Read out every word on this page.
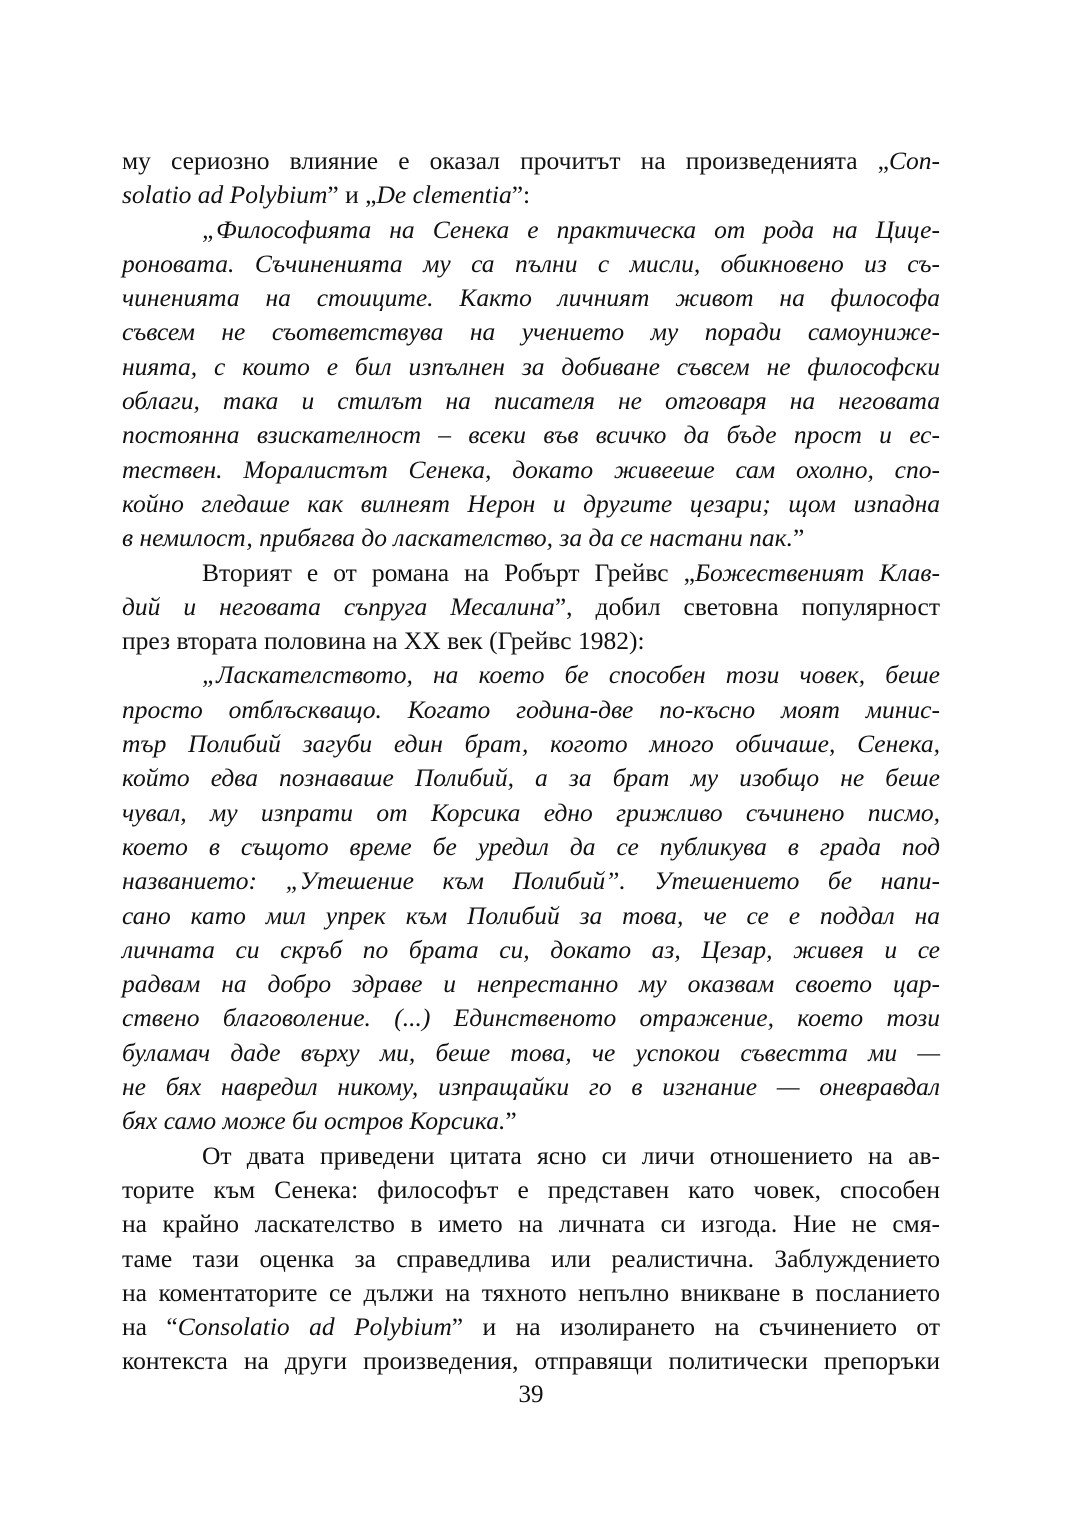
му сериозно влияние е оказал прочитът на произведенията „Con-
solatio ad Polybium” и „De clementia”:
„Философията на Сенека е практическа от рода на Цице-
роновата. Съчиненията му са пълни с мисли, обикновено из съ-
чиненията на стоиците. Както личният живот на философа
съвсем не съответствува на учението му поради самоунижe-
нията, с които е бил изпълнен за добиване съвсем не философски
облаги, така и стилът на писателя не отговаря на неговата
постоянна взискателност – всеки във всичко да бъде прост и ес-
тествен. Моралистът Сенека, докато живееше сам охолно, спо-
койно гледаше как вилнеят Нерон и другите цезари; щом изпадна
в немилост, прибягва до ласкателство, за да се настани пак.”
Вторият е от романа на Робърт Грейвс „Божественият Клав-
дий и неговата съпруга Месалина”, добил световна популярност
през втората половина на XX век (Грейвс 1982):
„Ласкателството, на което бе способен този човек, беше
просто отблъскващо. Когато година-две по-късно моят минис-
тър Полибий загуби един брат, когото много обичаше, Сенека,
който едва познаваше Полибий, а за брат му изобщо не беше
чувал, му изпрати от Корсика едно грижливо съчинено писмо,
което в същото време бе уредил да се публикува в града под
названието: „Утешение към Полибий”. Утешението бе напи-
сано като мил упрек към Полибий за това, че се е поддал на
личната си скръб по брата си, докато аз, Цезар, живея и се
радвам на добро здраве и непрестанно му оказвам своето цар-
ствено благоволение. (...) Единственото отражение, което този
буламач даде върху ми, беше това, че успокои съвестта ми —
не бях навредил никому, изпращайки го в изгнание — оневравдал
бях само може би остров Корсика.”
От двата приведени цитата ясно си личи отношението на ав-
торите към Сенека: философът е представен като човек, способен
на крайно ласкателство в името на личната си изгода. Ние не смя-
таме тази оценка за справедлива или реалистична. Заблуждението
на коментаторите се дължи на тяхното непълно вникване в посланието
на “Consolatio ad Polybium” и на изолирането на съчинението от
контекста на други произведения, отправящи политически препоръки
39
